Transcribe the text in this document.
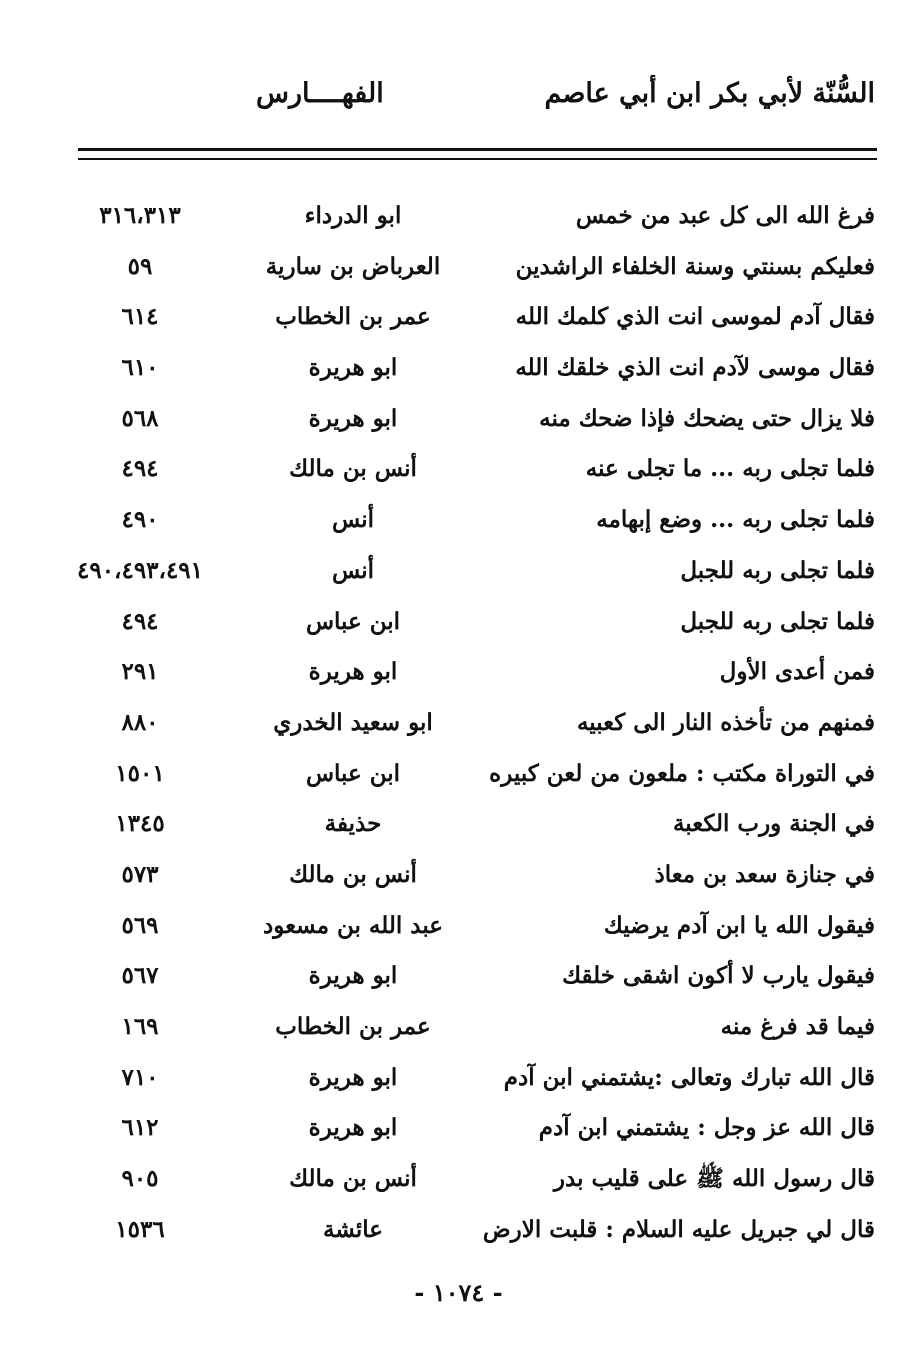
السُّنّة لأبي بكر ابن أبي عاصم
الفهــــارس
فرغ الله الى كل عبد من خمس
ابو الدرداء
٣١٦،٣١٣
فعليكم بسنتي وسنة الخلفاء الراشدين
العرباض بن سارية
٥٩
فقال آدم لموسى انت الذي كلمك الله
عمر بن الخطاب
٦١٤
فقال موسى لآدم انت الذي خلقك الله
ابو هريرة
٦١٠
فلا يزال حتى يضحك فإذا ضحك منه
ابو هريرة
٥٦٨
فلما تجلى ربه ... ما تجلى عنه
أنس بن مالك
٤٩٤
فلما تجلى ربه ... وضع إبهامه
أنس
٤٩٠
فلما تجلى ربه للجبل
أنس
٤٩٠،٤٩٣،٤٩١
فلما تجلى ربه للجبل
ابن عباس
٤٩٤
فمن أعدى الأول
ابو هريرة
٢٩١
فمنهم من تأخذه النار الى كعبيه
ابو سعيد الخدري
٨٨٠
في التوراة مكتب : ملعون من لعن كبيره
ابن عباس
١٥٠١
في الجنة ورب الكعبة
حذيفة
١٣٤٥
في جنازة سعد بن معاذ
أنس بن مالك
٥٧٣
فيقول الله يا ابن آدم يرضيك
عبد الله بن مسعود
٥٦٩
فيقول يارب لا أكون اشقى خلقك
ابو هريرة
٥٦٧
فيما قد فرغ منه
عمر بن الخطاب
١٦٩
قال الله تبارك وتعالى :يشتمني ابن آدم
ابو هريرة
٧١٠
قال الله عز وجل : يشتمني ابن آدم
ابو هريرة
٦١٢
قال رسول الله ﷺ على قليب بدر
أنس بن مالك
٩٠٥
قال لي جبريل عليه السلام : قلبت الارض
عائشة
١٥٣٦
- ١٠٧٤ -
